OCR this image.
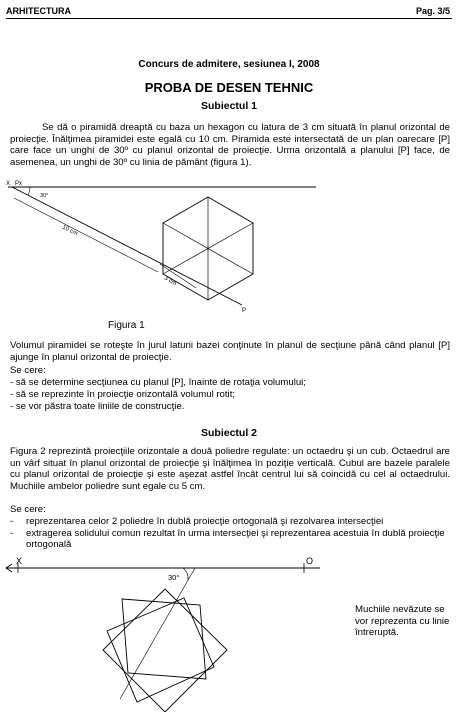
ARHITECTURA	Pag. 3/5
Concurs de admitere, sesiunea I, 2008
PROBA DE DESEN TEHNIC
Subiectul 1
Se dă o piramidă dreaptă cu baza un hexagon cu latura de 3 cm situată în planul orizontal de proiecţie. Înălţimea piramidei este egală cu 10 cm. Piramida este intersectată de un plan oarecare [P] care face un unghi de 30º cu planul orizontal de proiecţie. Urma orizontală a planului [P] face, de asemenea, un unghi de 30º cu linia de pământ (figura 1).
X Px
30°
10 cm
3 cm
P
Figura 1
Volumul piramidei se roteşte în jurul laturii bazei conţinute în planul de secţiune până când planul [P] ajunge în planul orizontal de proiecţie.
Se cere:
- să se determine secţiunea cu planul [P], înainte de rotaţia volumului;
- să se reprezinte în proiecţie orizontală volumul rotit;
- se vor păstra toate liniile de construcţie.
Subiectul 2
Figura 2 reprezintă proiecţiile orizontale a două poliedre regulate: un octaedru şi un cub. Octaedrul are un vârf situat în planul orizontal de proiecţie şi înălţimea în poziţie verticală. Cubul are bazele paralele cu planul orizontal de proiecţie şi este aşezat astfel încât centrul lui să coincidă cu cel al octaedrului. Muchiile ambelor poliedre sunt egale cu 5 cm.
Se cere:
- reprezentarea celor 2 poliedre în dublă proiecţie ortogonală şi rezolvarea intersecţiei
- extragerea solidului comun rezultat în urma intersecţiei şi reprezentarea acestuia în dublă proiecţie ortogonală
X	O
30°
Muchiile nevăzute se vor reprezenta cu linie întreruptă.
